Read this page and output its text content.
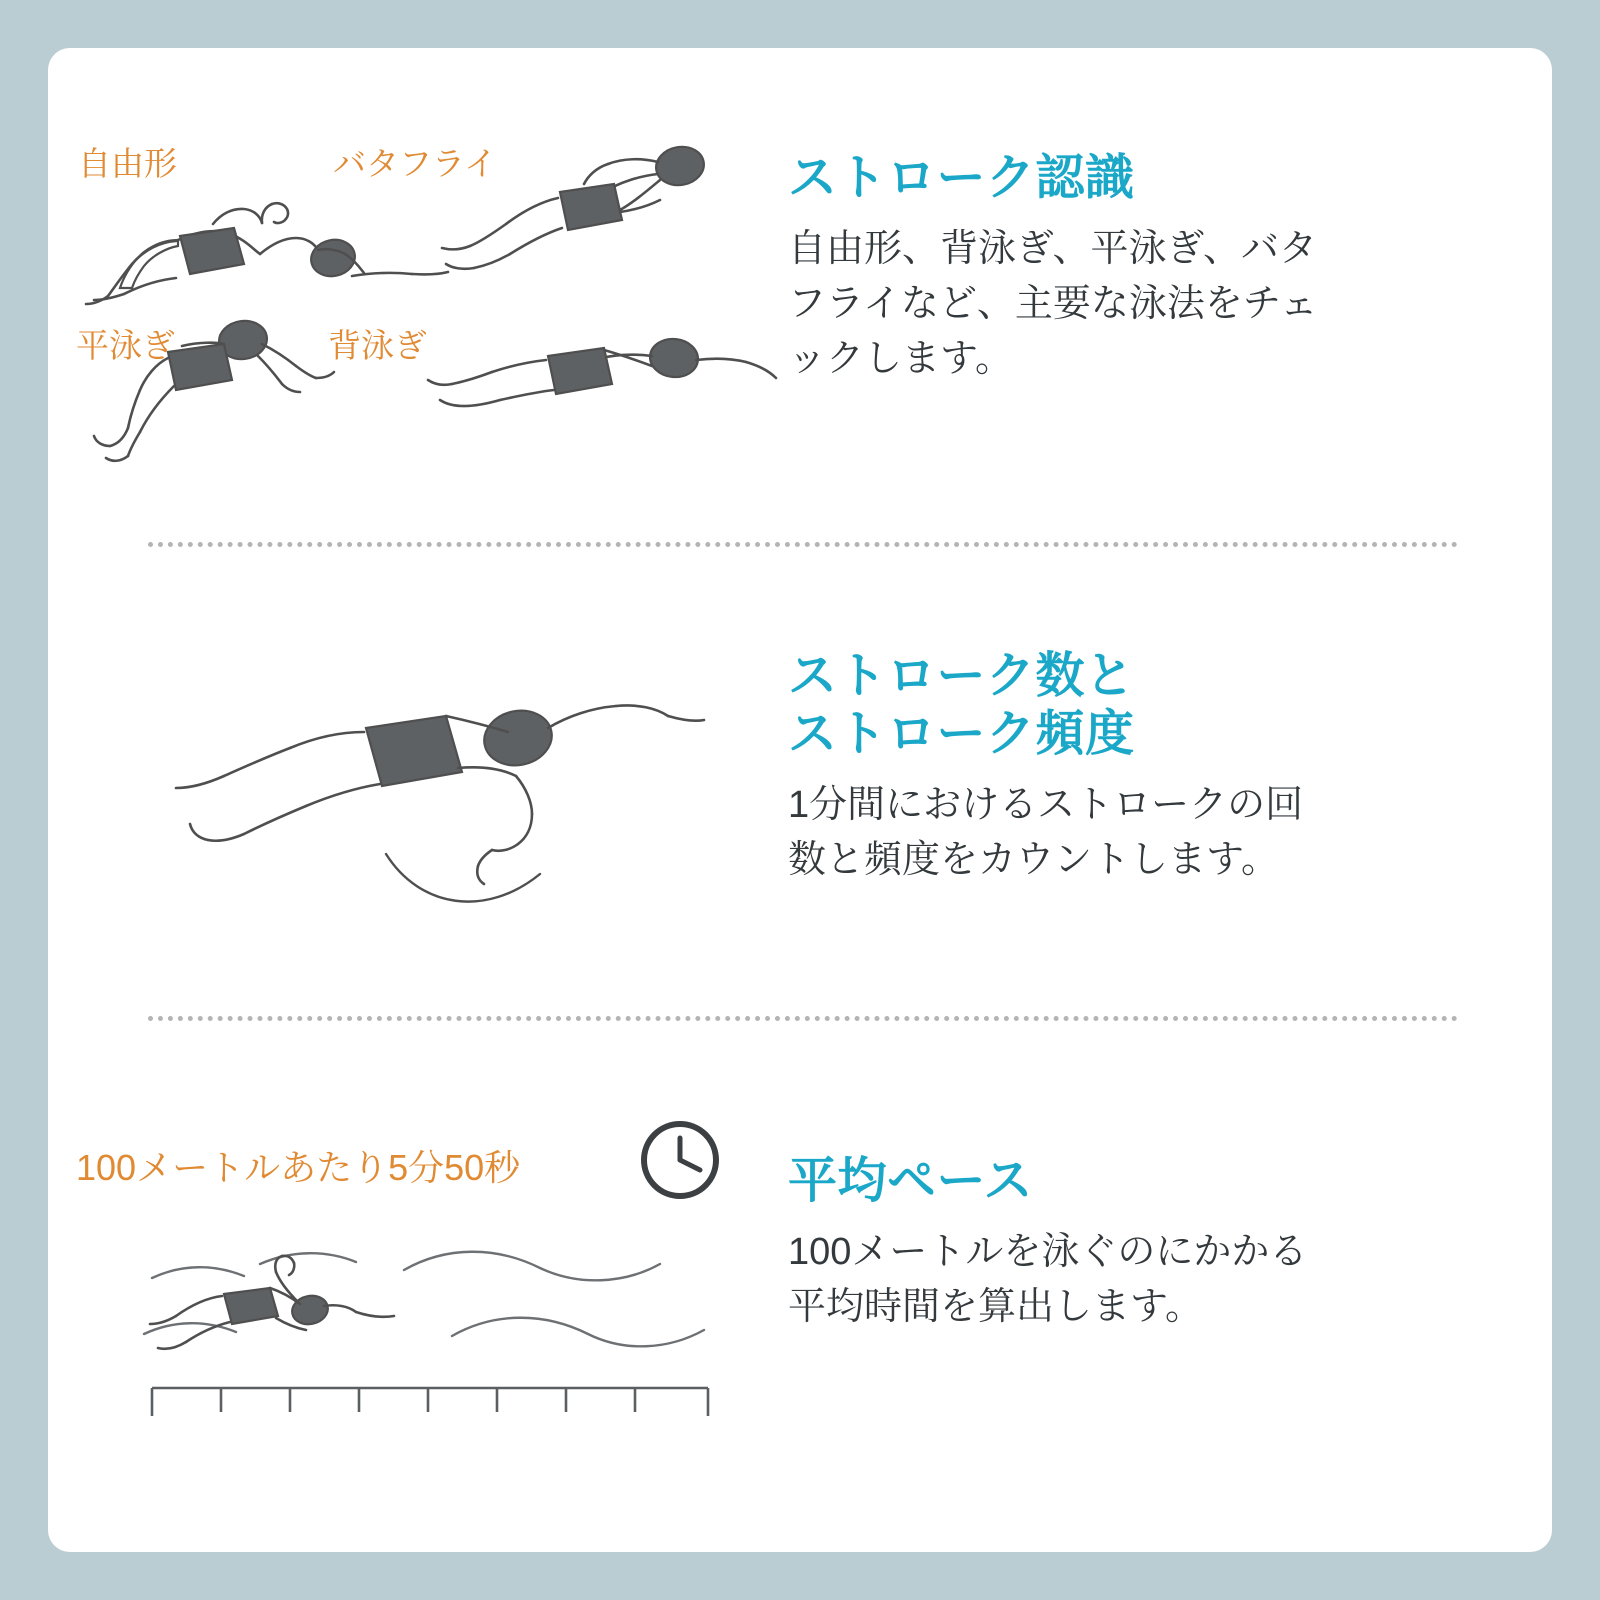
自由形	バタフライ
平泳ぎ	背泳ぎ
ストローク認識

自由形、背泳ぎ、平泳ぎ、バタフライなど、主要な泳法をチェックします。

ストローク数と
ストローク頻度

1分間におけるストロークの回数と頻度をカウントします。

100メートルあたり5分50秒	平均ペース

100メートルを泳ぐのにかかる平均時間を算出します。
